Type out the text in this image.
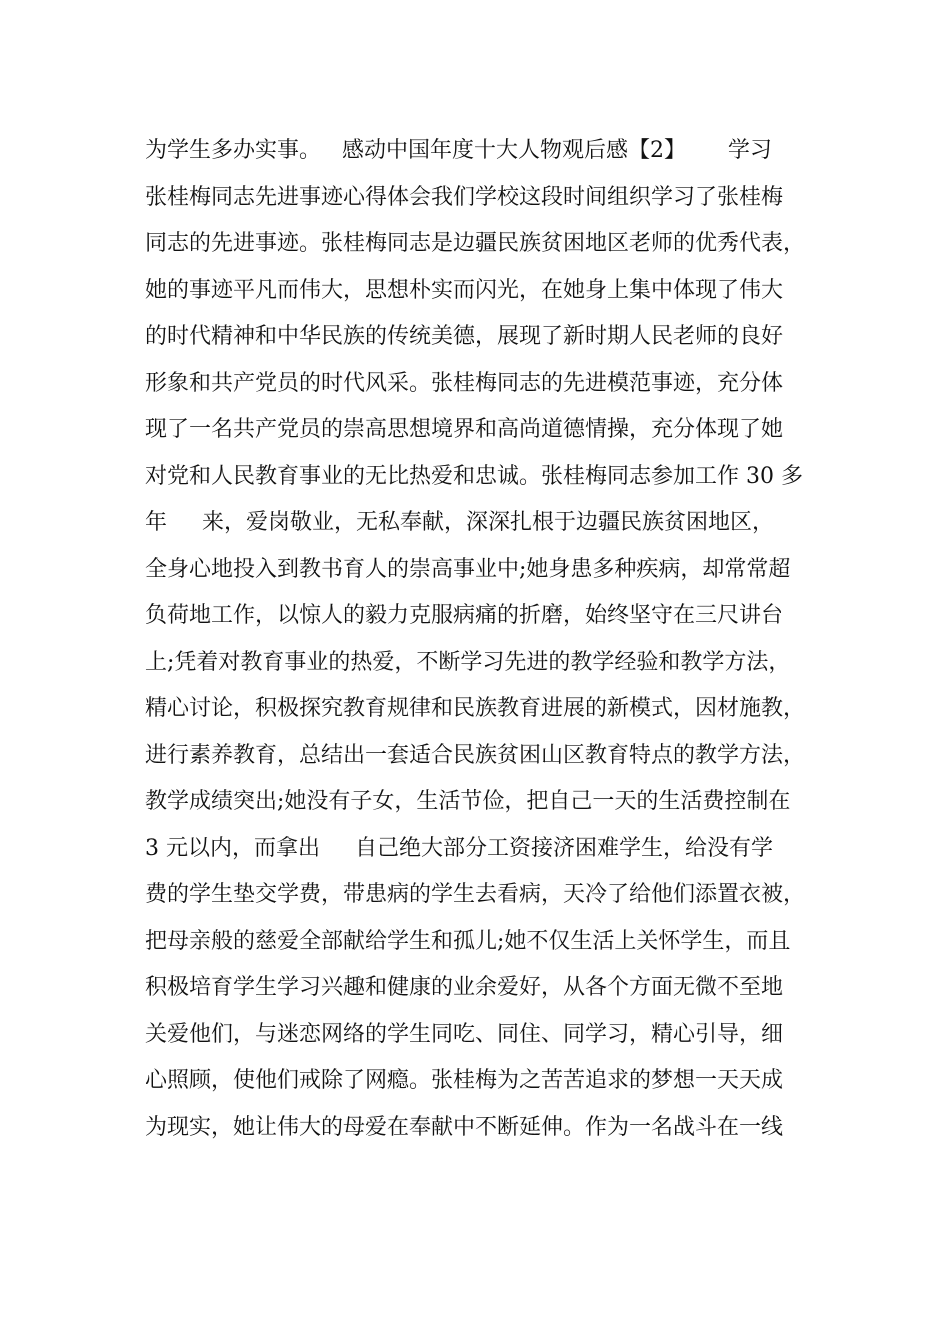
为学生多办实事。   感动中国年度十大人物观后感【2】      学习
张桂梅同志先进事迹心得体会我们学校这段时间组织学习了张桂梅
同志的先进事迹。张桂梅同志是边疆民族贫困地区老师的优秀代表，
她的事迹平凡而伟大，思想朴实而闪光，在她身上集中体现了伟大
的时代精神和中华民族的传统美德，展现了新时期人民老师的良好
形象和共产党员的时代风采。张桂梅同志的先进模范事迹，充分体
现了一名共产党员的崇高思想境界和高尚道德情操，充分体现了她
对党和人民教育事业的无比热爱和忠诚。张桂梅同志参加工作 30 多
年     来，爱岗敬业，无私奉献，深深扎根于边疆民族贫困地区，
全身心地投入到教书育人的崇高事业中;她身患多种疾病，却常常超
负荷地工作，以惊人的毅力克服病痛的折磨，始终坚守在三尺讲台
上;凭着对教育事业的热爱，不断学习先进的教学经验和教学方法，
精心讨论，积极探究教育规律和民族教育进展的新模式，因材施教，
进行素养教育，总结出一套适合民族贫困山区教育特点的教学方法，
教学成绩突出;她没有子女，生活节俭，把自己一天的生活费控制在
3 元以内，而拿出     自己绝大部分工资接济困难学生，给没有学
费的学生垫交学费，带患病的学生去看病，天冷了给他们添置衣被，
把母亲般的慈爱全部献给学生和孤儿;她不仅生活上关怀学生，而且
积极培育学生学习兴趣和健康的业余爱好，从各个方面无微不至地
关爱他们，与迷恋网络的学生同吃、同住、同学习，精心引导，细
心照顾，使他们戒除了网瘾。张桂梅为之苦苦追求的梦想一天天成
为现实，她让伟大的母爱在奉献中不断延伸。作为一名战斗在一线
